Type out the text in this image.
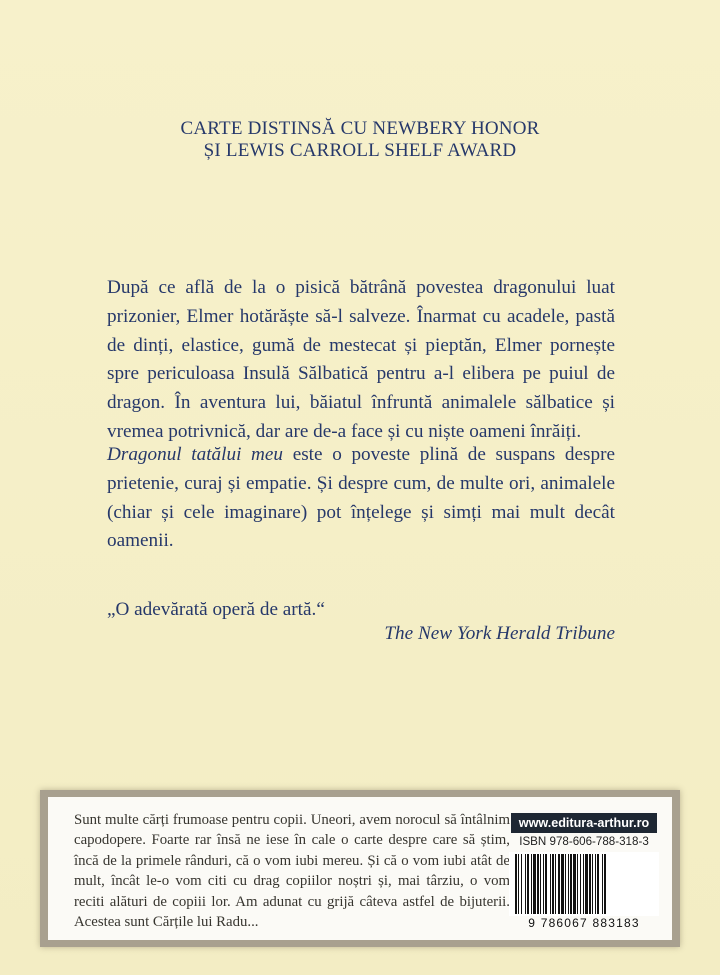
CARTE DISTINSĂ CU NEWBERY HONOR
ȘI LEWIS CARROLL SHELF AWARD

După ce află de la o pisică bătrână povestea dragonului luat prizonier, Elmer hotărăște să-l salveze. Înarmat cu acadele, pastă de dinți, elastice, gumă de mestecat și pieptăn, Elmer pornește spre periculoasa Insulă Sălbatică pentru a-l elibera pe puiul de dragon. În aventura lui, băiatul înfruntă animalele sălbatice și vremea potrivnică, dar are de-a face și cu niște oameni înrăiți.

Dragonul tatălui meu este o poveste plină de suspans despre prietenie, curaj și empatie. Și despre cum, de multe ori, animalele (chiar și cele imaginare) pot înțelege și simți mai mult decât oamenii.

„O adevărată operă de artă.“
The New York Herald Tribune
Sunt multe cărți frumoase pentru copii. Uneori, avem norocul să întâlnim capodopere. Foarte rar însă ne iese în cale o carte despre care să știm, încă de la primele rânduri, că o vom iubi mereu. Și că o vom iubi atât de mult, încât le-o vom citi cu drag copiilor noștri și, mai târziu, o vom reciti alături de copiii lor. Am adunat cu grijă câteva astfel de bijuterii. Acestea sunt Cărțile lui Radu...
www.editura-arthur.ro
ISBN 978-606-788-318-3
9 786067 883183
